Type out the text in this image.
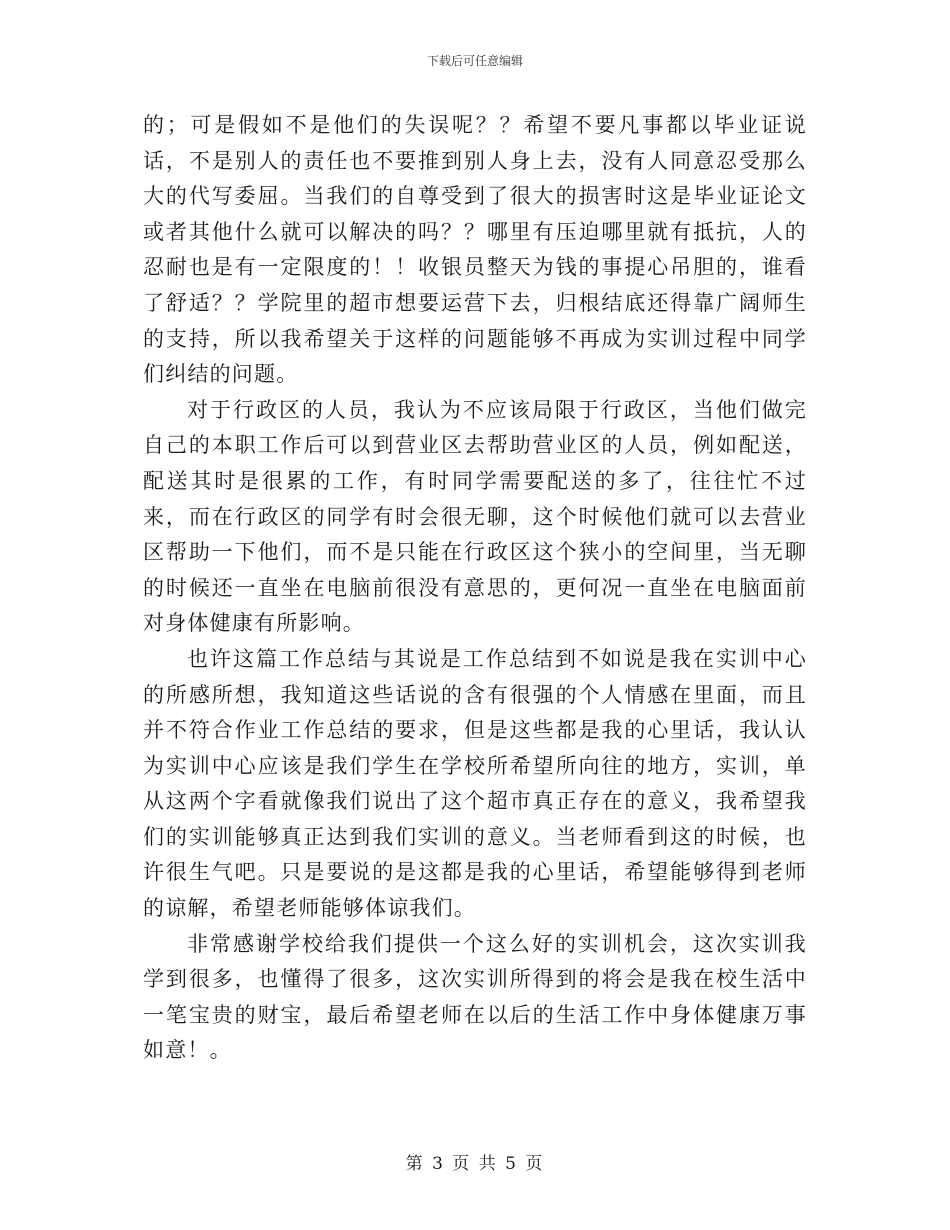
下载后可任意编辑

的；可是假如不是他们的失误呢？？希望不要凡事都以毕业证说话，不是别人的责任也不要推到别人身上去，没有人同意忍受那么大的代写委屈。当我们的自尊受到了很大的损害时这是毕业证论文或者其他什么就可以解决的吗？？哪里有压迫哪里就有抵抗，人的忍耐也是有一定限度的！！收银员整天为钱的事提心吊胆的，谁看了舒适？？学院里的超市想要运营下去，归根结底还得靠广阔师生的支持，所以我希望关于这样的问题能够不再成为实训过程中同学们纠结的问题。

对于行政区的人员，我认为不应该局限于行政区，当他们做完自己的本职工作后可以到营业区去帮助营业区的人员，例如配送，配送其时是很累的工作，有时同学需要配送的多了，往往忙不过来，而在行政区的同学有时会很无聊，这个时候他们就可以去营业区帮助一下他们，而不是只能在行政区这个狭小的空间里，当无聊的时候还一直坐在电脑前很没有意思的，更何况一直坐在电脑面前对身体健康有所影响。

也许这篇工作总结与其说是工作总结到不如说是我在实训中心的所感所想，我知道这些话说的含有很强的个人情感在里面，而且并不符合作业工作总结的要求，但是这些都是我的心里话，我认认为实训中心应该是我们学生在学校所希望所向往的地方，实训，单从这两个字看就像我们说出了这个超市真正存在的意义，我希望我们的实训能够真正达到我们实训的意义。当老师看到这的时候，也许很生气吧。只是要说的是这都是我的心里话，希望能够得到老师的谅解，希望老师能够体谅我们。

非常感谢学校给我们提供一个这么好的实训机会，这次实训我学到很多，也懂得了很多，这次实训所得到的将会是我在校生活中一笔宝贵的财宝，最后希望老师在以后的生活工作中身体健康万事如意！。

第 3 页 共 5 页
